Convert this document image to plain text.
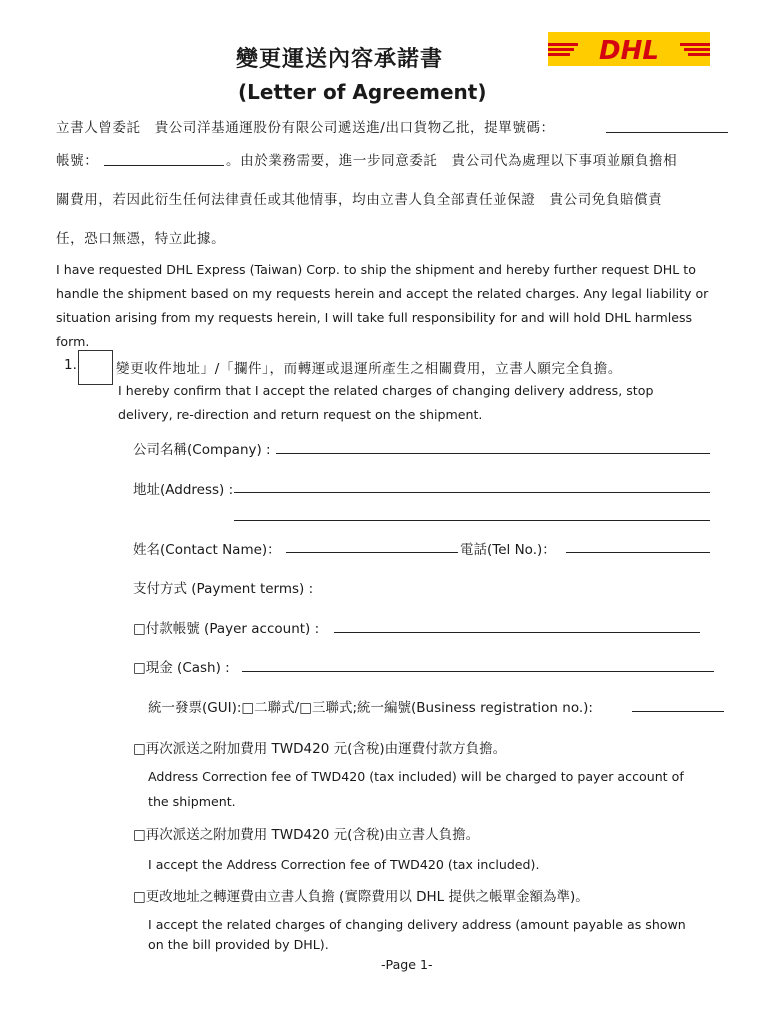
變更運送內容承諾書
(Letter of Agreement)
DHL
立書人曾委託　貴公司洋基通運股份有限公司遞送進/出口貨物乙批，提單號碼：
帳號：	。由於業務需要，進一步同意委託　貴公司代為處理以下事項並願負擔相
關費用，若因此衍生任何法律責任或其他情事，均由立書人負全部責任並保證　貴公司免負賠償責
任，恐口無憑，特立此據。
I have requested DHL Express (Taiwan) Corp. to ship the shipment and hereby further request DHL to
handle the shipment based on my requests herein and accept the related charges. Any legal liability or
situation arising from my requests herein, I will take full responsibility for and will hold DHL harmless
form.
1.	變更收件地址」/「攔件」，而轉運或退運所產生之相關費用，立書人願完全負擔。
I hereby confirm that I accept the related charges of changing delivery address, stop
delivery, re-direction and return request on the shipment.
公司名稱(Company) :
地址(Address) :
姓名(Contact Name)：	電話(Tel No.)：
支付方式 (Payment terms) :
□付款帳號 (Payer account) :
□現金 (Cash) :
統一發票(GUI):□二聯式/□三聯式;統一編號(Business registration no.):
□再次派送之附加費用 TWD420 元(含稅)由運費付款方負擔。
Address Correction fee of TWD420 (tax included) will be charged to payer account of
the shipment.
□再次派送之附加費用 TWD420 元(含稅)由立書人負擔。
I accept the Address Correction fee of TWD420 (tax included).
□更改地址之轉運費由立書人負擔 (實際費用以 DHL 提供之帳單金額為準)。
I accept the related charges of changing delivery address (amount payable as shown
on the bill provided by DHL).
-Page 1-
